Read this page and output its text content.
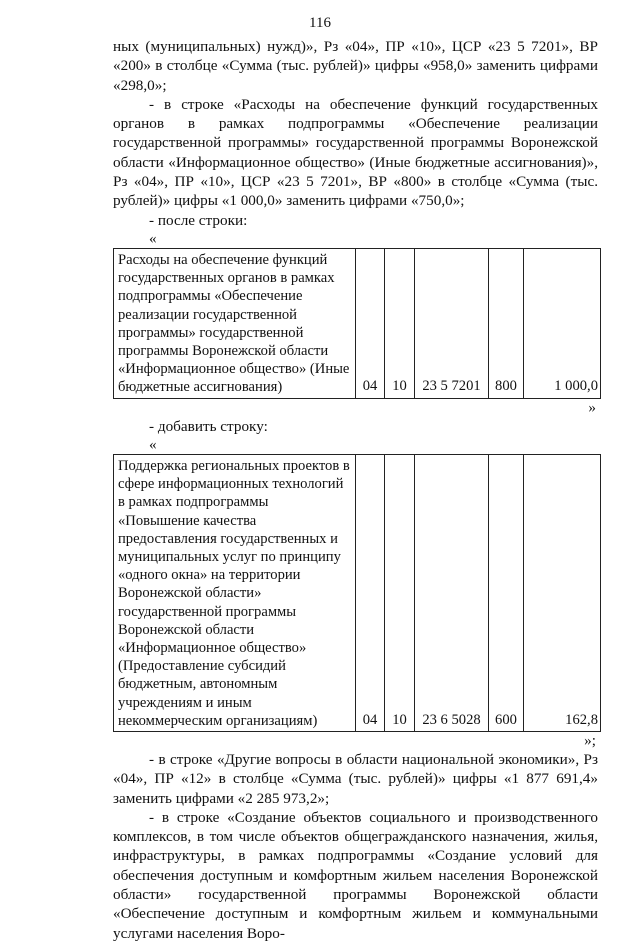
116

ных (муниципальных) нужд)», Рз «04», ПР «10», ЦСР «23 5 7201», ВР «200» в столбце «Сумма (тыс. рублей)» цифры «958,0» заменить цифрами «298,0»;

- в строке «Расходы на обеспечение функций государственных органов в рамках подпрограммы «Обеспечение реализации государственной программы» государственной программы Воронежской области «Информационное общество» (Иные бюджетные ассигнования)», Рз «04», ПР «10», ЦСР «23 5 7201», ВР «800» в столбце «Сумма (тыс. рублей)» цифры «1 000,0» заменить цифрами «750,0»;

- после строки:

«

Расходы на обеспечение функций государственных органов в рамках подпрограммы «Обеспечение реализации государственной программы» государственной программы Воронежской области «Информационное общество» (Иные бюджетные ассигнования)	04	10	23 5 7201	800	1 000,0

»

- добавить строку:

«

Поддержка региональных проектов в сфере информационных технологий в рамках подпрограммы «Повышение качества предоставления государственных и муниципальных услуг по принципу «одного окна» на территории Воронежской области» государственной программы Воронежской области «Информационное общество» (Предоставление субсидий бюджетным, автономным учреждениям и иным некоммерческим организациям)	04	10	23 6 5028	600	162,8

»;

- в строке «Другие вопросы в области национальной экономики», Рз «04», ПР «12» в столбце «Сумма (тыс. рублей)» цифры «1 877 691,4» заменить цифрами «2 285 973,2»;

- в строке «Создание объектов социального и производственного комплексов, в том числе объектов общегражданского назначения, жилья, инфраструктуры, в рамках подпрограммы «Создание условий для обеспечения доступным и комфортным жильем населения Воронежской области» государственной программы Воронежской области «Обеспечение доступным и комфортным жильем и коммунальными услугами населения Воро-
